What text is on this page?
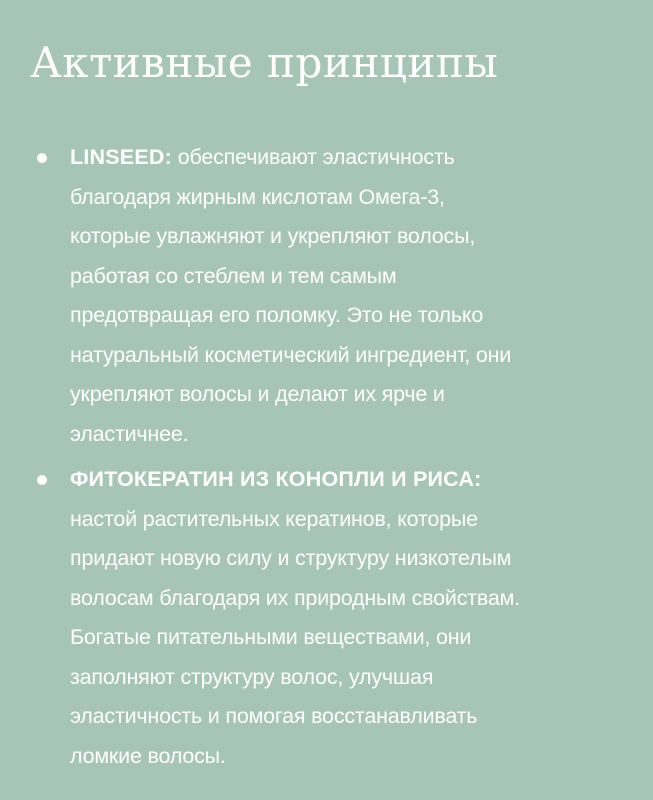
Активные принципы
LINSEED: обеспечивают эластичность
благодаря жирным кислотам Омега-3,
которые увлажняют и укрепляют волосы,
работая со стеблем и тем самым
предотвращая его поломку. Это не только
натуральный косметический ингредиент, они
укрепляют волосы и делают их ярче и
эластичнее.
ФИТОКЕРАТИН ИЗ КОНОПЛИ И РИСА:
настой растительных кератинов, которые
придают новую силу и структуру низкотелым
волосам благодаря их природным свойствам.
Богатые питательными веществами, они
заполняют структуру волос, улучшая
эластичность и помогая восстанавливать
ломкие волосы.
